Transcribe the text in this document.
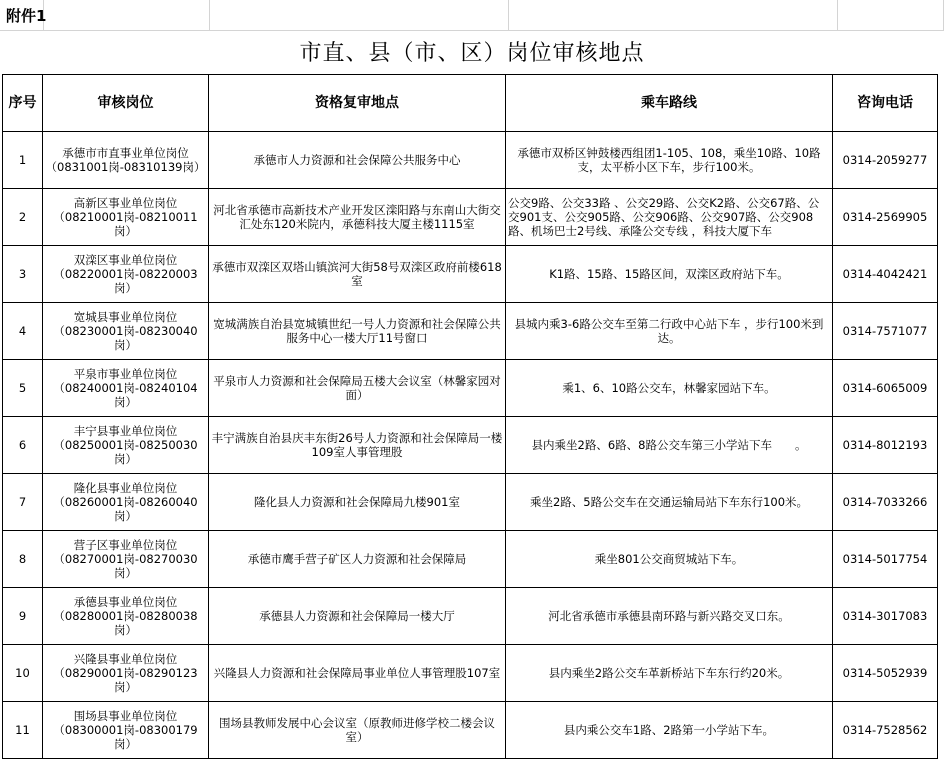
附件1
市直、县（市、区）岗位审核地点
序号	审核岗位	资格复审地点	乘车路线	咨询电话
1	承德市市直事业单位岗位（0831001岗-08310139岗）	承德市人力资源和社会保障公共服务中心	承德市双桥区钟鼓楼西组团1-105、108，乘坐10路、10路支，太平桥小区下车，步行100米。	0314-2059277
2	高新区事业单位岗位（08210001岗-08210011岗）	河北省承德市高新技术产业开发区滦阳路与东南山大街交汇处东120米院内，承德科技大厦主楼1115室	公交9路、公交33路 、公交29路、公交K2路、公交67路、公交901支、公交905路、公交906路、公交907路、公交908路、机场巴士2号线、承隆公交专线 ，科技大厦下车	0314-2569905
3	双滦区事业单位岗位（08220001岗-08220003岗）	承德市双滦区双塔山镇滨河大街58号双滦区政府前楼618室	K1路、15路、15路区间，双滦区政府站下车。	0314-4042421
4	宽城县事业单位岗位（08230001岗-08230040岗）	宽城满族自治县宽城镇世纪一号人力资源和社会保障公共服务中心一楼大厅11号窗口	县城内乘3-6路公交车至第二行政中心站下车 ，步行100米到达。	0314-7571077
5	平泉市事业单位岗位（08240001岗-08240104岗）	平泉市人力资源和社会保障局五楼大会议室（林馨家园对面）	乘1、6、10路公交车，林馨家园站下车。	0314-6065009
6	丰宁县事业单位岗位（08250001岗-08250030岗）	丰宁满族自治县庆丰东街26号人力资源和社会保障局一楼109室人事管理股	县内乘坐2路、6路、8路公交车第三小学站下车　　。	0314-8012193
7	隆化县事业单位岗位（08260001岗-08260040岗）	隆化县人力资源和社会保障局九楼901室	乘坐2路、5路公交车在交通运输局站下车东行100米。	0314-7033266
8	营子区事业单位岗位（08270001岗-08270030岗）	承德市鹰手营子矿区人力资源和社会保障局	乘坐801公交商贸城站下车。	0314-5017754
9	承德县事业单位岗位（08280001岗-08280038岗）	承德县人力资源和社会保障局一楼大厅	河北省承德市承德县南环路与新兴路交叉口东。	0314-3017083
10	兴隆县事业单位岗位（08290001岗-08290123岗）	兴隆县人力资源和社会保障局事业单位人事管理股107室	县内乘坐2路公交车革新桥站下车东行约20米。	0314-5052939
11	围场县事业单位岗位（08300001岗-08300179岗）	围场县教师发展中心会议室（原教师进修学校二楼会议室）	县内乘公交车1路、2路第一小学站下车。	0314-7528562
